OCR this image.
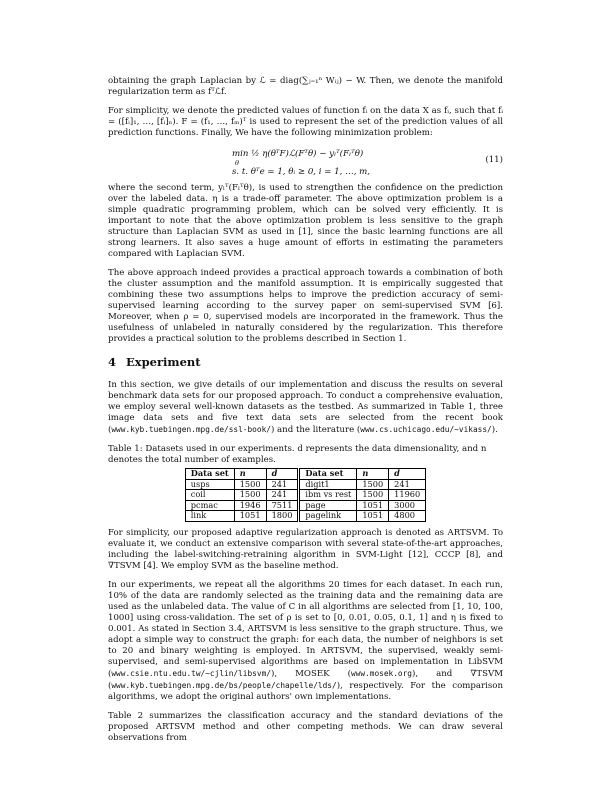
obtaining the graph Laplacian by ℒ = diag(∑ⱼ₌₁ⁿ Wᵢⱼ) − W. Then, we denote the manifold regularization term as fᵀℒf.

For simplicity, we denote the predicted values of function fᵢ on the data X as fᵢ, such that fᵢ = ([fᵢ]₁, …, [fᵢ]ₙ). F = (f₁, …, fₘ)ᵀ is used to represent the set of the prediction values of all prediction functions. Finally, We have the following minimization problem:

min ½ η(θᵀF)ℒ(Fᵀθ) − yₗᵀ(Fₗᵀθ)
θ
s. t. θᵀe = 1, θᵢ ≥ 0, i = 1, …, m,
(11)

where the second term, yₗᵀ(Fₗᵀθ), is used to strengthen the confidence on the prediction over the labeled data. η is a trade-off parameter. The above optimization problem is a simple quadratic programming problem, which can be solved very efficiently. It is important to note that the above optimization problem is less sensitive to the graph structure than Laplacian SVM as used in [1], since the basic learning functions are all strong learners. It also saves a huge amount of efforts in estimating the parameters compared with Laplacian SVM.

The above approach indeed provides a practical approach towards a combination of both the cluster assumption and the manifold assumption. It is empirically suggested that combining these two assumptions helps to improve the prediction accuracy of semi-supervised learning according to the survey paper on semi-supervised SVM [6]. Moreover, when ρ = 0, supervised models are incorporated in the framework. Thus the usefulness of unlabeled in naturally considered by the regularization. This therefore provides a practical solution to the problems described in Section 1.

4 Experiment

In this section, we give details of our implementation and discuss the results on several benchmark data sets for our proposed approach. To conduct a comprehensive evaluation, we employ several well-known datasets as the testbed. As summarized in Table 1, three image data sets and five text data sets are selected from the recent book (www.kyb.tuebingen.mpg.de/ssl-book/) and the literature (www.cs.uchicago.edu/~vikass/).

Table 1: Datasets used in our experiments. d represents the data dimensionality, and n denotes the total number of examples.
Data set	n	d	Data set	n	d
usps	1500	241	digit1	1500	241
coil	1500	241	ibm vs rest	1500	11960
pcmac	1946	7511	page	1051	3000
link	1051	1800	pagelink	1051	4800

For simplicity, our proposed adaptive regularization approach is denoted as ARTSVM. To evaluate it, we conduct an extensive comparison with several state-of-the-art approaches, including the label-switching-retraining algorithm in SVM-Light [12], CCCP [8], and ∇TSVM [4]. We employ SVM as the baseline method.

In our experiments, we repeat all the algorithms 20 times for each dataset. In each run, 10% of the data are randomly selected as the training data and the remaining data are used as the unlabeled data. The value of C in all algorithms are selected from [1, 10, 100, 1000] using cross-validation. The set of ρ is set to [0, 0.01, 0.05, 0.1, 1] and η is fixed to 0.001. As stated in Section 3.4, ARTSVM is less sensitive to the graph structure. Thus, we adopt a simple way to construct the graph: for each data, the number of neighbors is set to 20 and binary weighting is employed. In ARTSVM, the supervised, weakly semi-supervised, and semi-supervised algorithms are based on implementation in LibSVM (www.csie.ntu.edu.tw/~cjlin/libsvm/), MOSEK (www.mosek.org), and ∇TSVM (www.kyb.tuebingen.mpg.de/bs/people/chapelle/lds/), respectively. For the comparison algorithms, we adopt the original authors' own implementations.

Table 2 summarizes the classification accuracy and the standard deviations of the proposed ARTSVM method and other competing methods. We can draw several observations from
